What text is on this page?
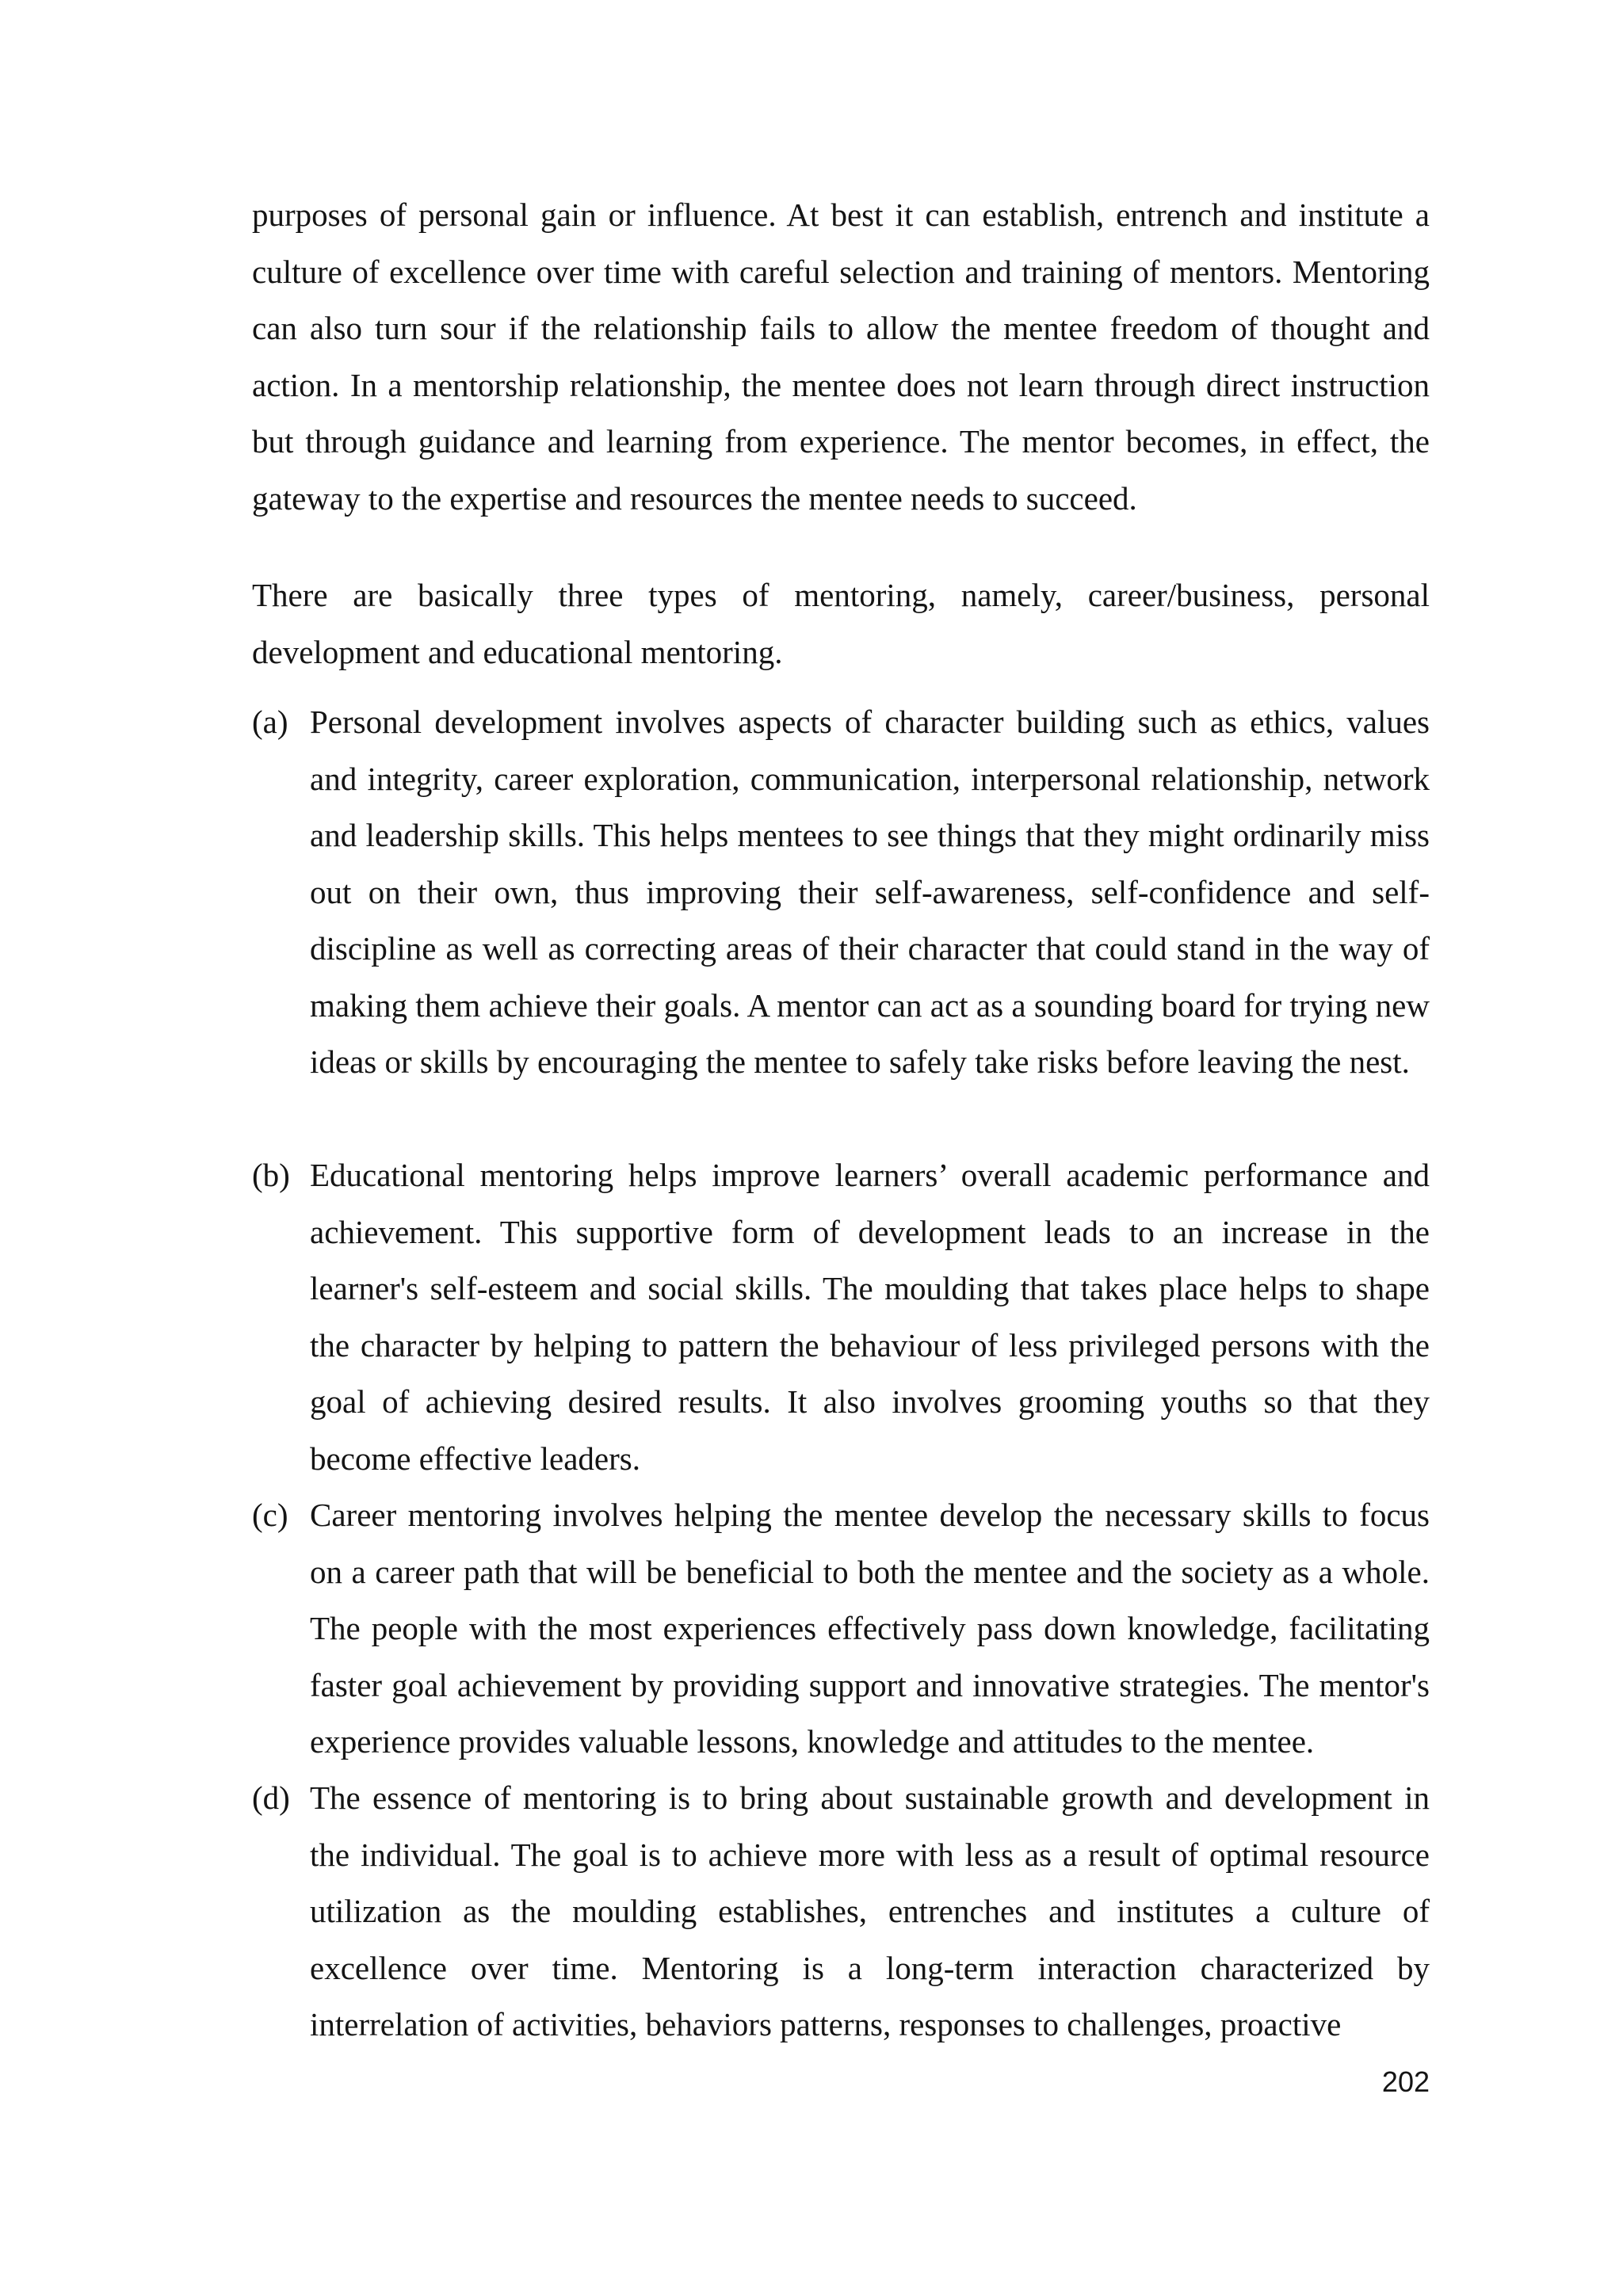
purposes of personal gain or influence. At best it can establish, entrench and institute a culture of excellence over time with careful selection and training of mentors. Mentoring can also turn sour if the relationship fails to allow the mentee freedom of thought and action. In a mentorship relationship, the mentee does not learn through direct instruction but through guidance and learning from experience. The mentor becomes, in effect, the gateway to the expertise and resources the mentee needs to succeed.

There are basically three types of mentoring, namely, career/business, personal development and educational mentoring.

(a) Personal development involves aspects of character building such as ethics, values and integrity, career exploration, communication, interpersonal relationship, network and leadership skills. This helps mentees to see things that they might ordinarily miss out on their own, thus improving their self-awareness, self-confidence and self-discipline as well as correcting areas of their character that could stand in the way of making them achieve their goals. A mentor can act as a sounding board for trying new ideas or skills by encouraging the mentee to safely take risks before leaving the nest.
(b) Educational mentoring helps improve learners’ overall academic performance and achievement. This supportive form of development leads to an increase in the learner's self-esteem and social skills. The moulding that takes place helps to shape the character by helping to pattern the behaviour of less privileged persons with the goal of achieving desired results. It also involves grooming youths so that they become effective leaders.
(c) Career mentoring involves helping the mentee develop the necessary skills to focus on a career path that will be beneficial to both the mentee and the society as a whole. The people with the most experiences effectively pass down knowledge, facilitating faster goal achievement by providing support and innovative strategies. The mentor's experience provides valuable lessons, knowledge and attitudes to the mentee.
(d) The essence of mentoring is to bring about sustainable growth and development in the individual. The goal is to achieve more with less as a result of optimal resource utilization as the moulding establishes, entrenches and institutes a culture of excellence over time. Mentoring is a long-term interaction characterized by interrelation of activities, behaviors patterns, responses to challenges, proactive
202
